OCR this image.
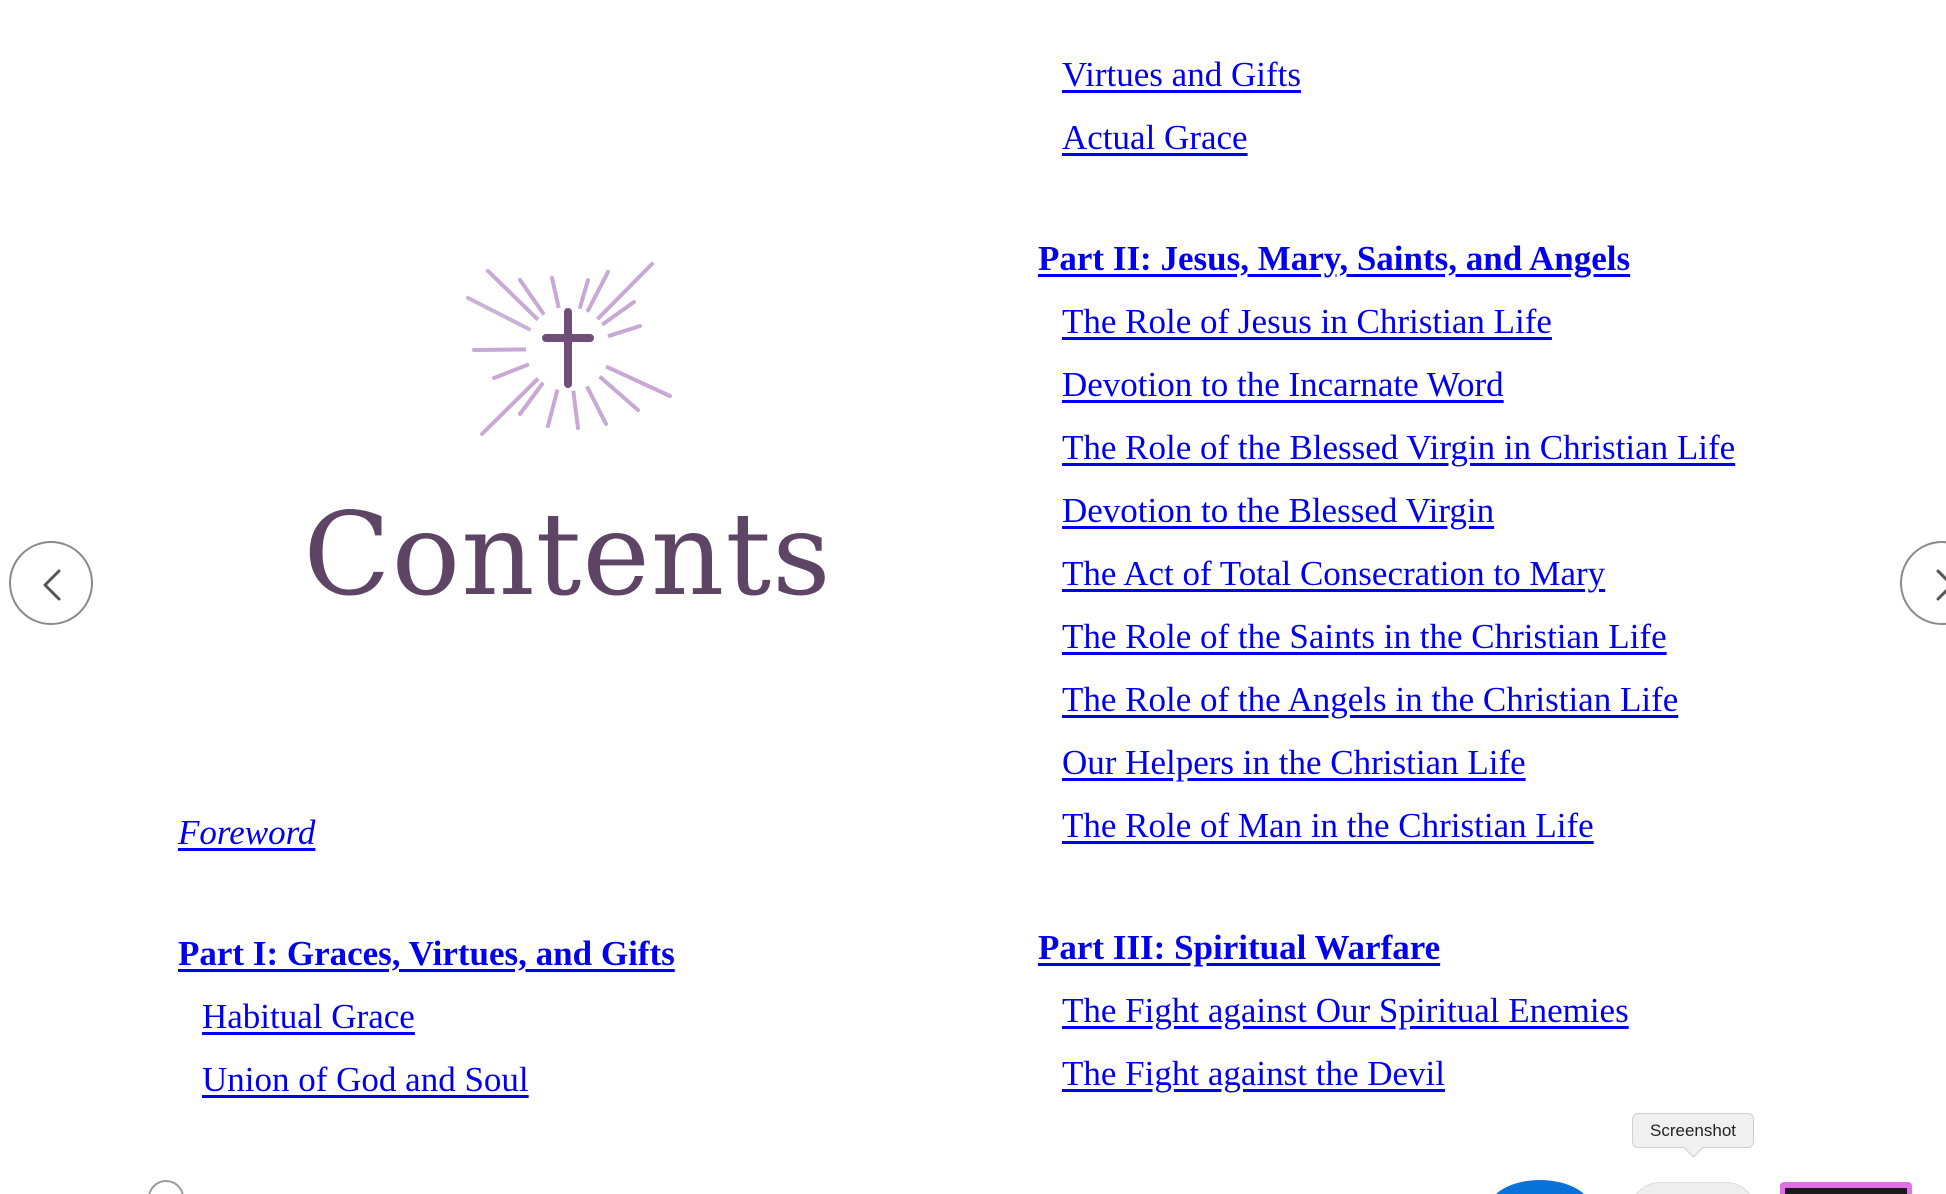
Contents
Foreword
Part I: Graces, Virtues, and Gifts
Habitual Grace
Union of God and Soul
Virtues and Gifts
Actual Grace
Part II: Jesus, Mary, Saints, and Angels
The Role of Jesus in Christian Life
Devotion to the Incarnate Word
The Role of the Blessed Virgin in Christian Life
Devotion to the Blessed Virgin
The Act of Total Consecration to Mary
The Role of the Saints in the Christian Life
The Role of the Angels in the Christian Life
Our Helpers in the Christian Life
The Role of Man in the Christian Life
Part III: Spiritual Warfare
The Fight against Our Spiritual Enemies
The Fight against the Devil
Screenshot
